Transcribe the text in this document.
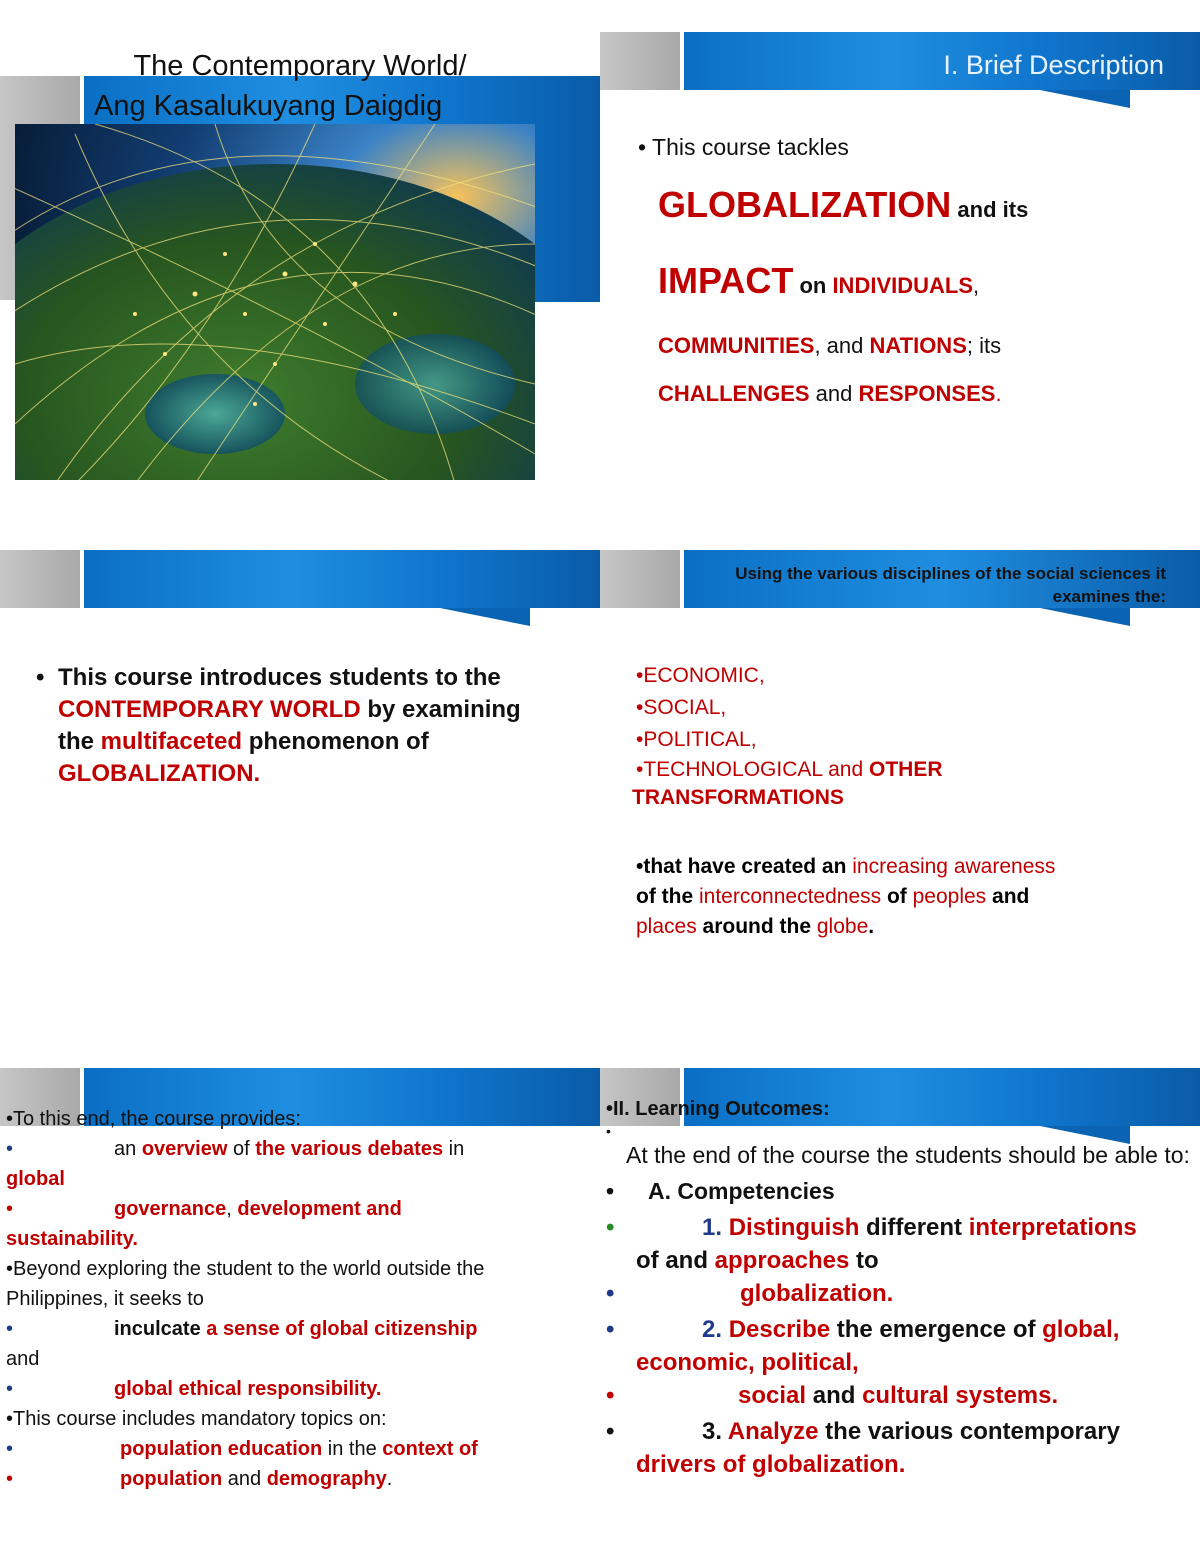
The Contemporary World/
Ang Kasalukuyang Daigdig
I. Brief Description
• This course tackles
GLOBALIZATION and its
IMPACT on INDIVIDUALS,
COMMUNITIES, and NATIONS; its
CHALLENGES and RESPONSES.
• This course introduces students to the CONTEMPORARY WORLD by examining the multifaceted phenomenon of GLOBALIZATION.
Using the various disciplines of the social sciences it examines the:
•ECONOMIC,
•SOCIAL,
•POLITICAL,
•TECHNOLOGICAL and OTHER
TRANSFORMATIONS
•that have created an increasing awareness
of the interconnectedness of peoples and
places around the globe.
•To this end, the course provides:
•	an overview of the various debates in
global
•	governance, development and
sustainability.
•Beyond exploring the student to the world outside the Philippines, it seeks to
•	inculcate a sense of global citizenship
and
•	global ethical responsibility.
•This course includes mandatory topics on:
•	population education in the context of
•	population and demography.
•II. Learning Outcomes:
•
At the end of the course the students should be able to:
• A. Competencies
•	1. Distinguish different interpretations
of and approaches to
•	globalization.
•	2. Describe the emergence of global,
economic, political,
•	social and cultural systems.
•	3. Analyze the various contemporary
drivers of globalization.
